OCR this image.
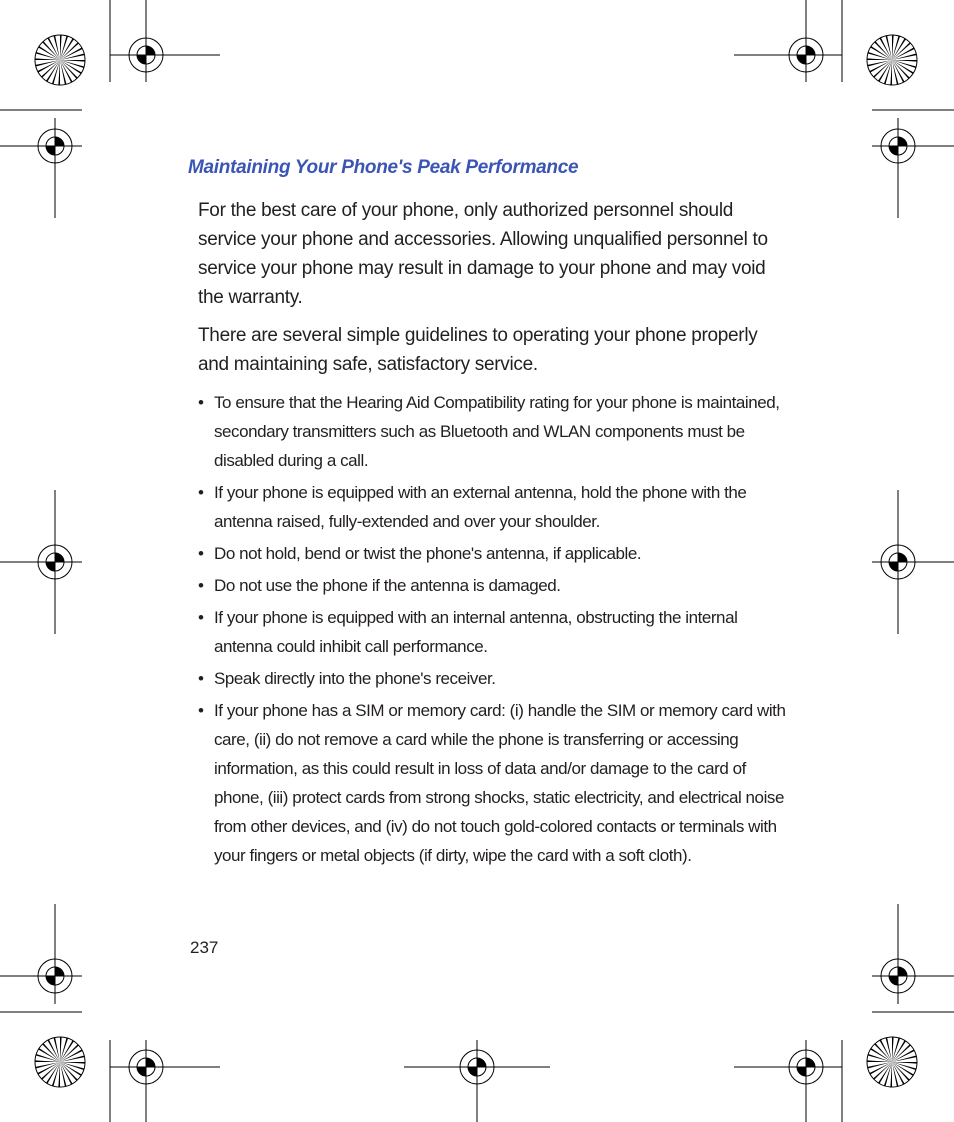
Maintaining Your Phone's Peak Performance

For the best care of your phone, only authorized personnel should service your phone and accessories. Allowing unqualified personnel to service your phone may result in damage to your phone and may void the warranty.

There are several simple guidelines to operating your phone properly and maintaining safe, satisfactory service.

• To ensure that the Hearing Aid Compatibility rating for your phone is maintained, secondary transmitters such as Bluetooth and WLAN components must be disabled during a call.
• If your phone is equipped with an external antenna, hold the phone with the antenna raised, fully-extended and over your shoulder.
• Do not hold, bend or twist the phone's antenna, if applicable.
• Do not use the phone if the antenna is damaged.
• If your phone is equipped with an internal antenna, obstructing the internal antenna could inhibit call performance.
• Speak directly into the phone's receiver.
• If your phone has a SIM or memory card: (i) handle the SIM or memory card with care, (ii) do not remove a card while the phone is transferring or accessing information, as this could result in loss of data and/or damage to the card of phone, (iii) protect cards from strong shocks, static electricity, and electrical noise from other devices, and (iv) do not touch gold-colored contacts or terminals with your fingers or metal objects (if dirty, wipe the card with a soft cloth).
237
